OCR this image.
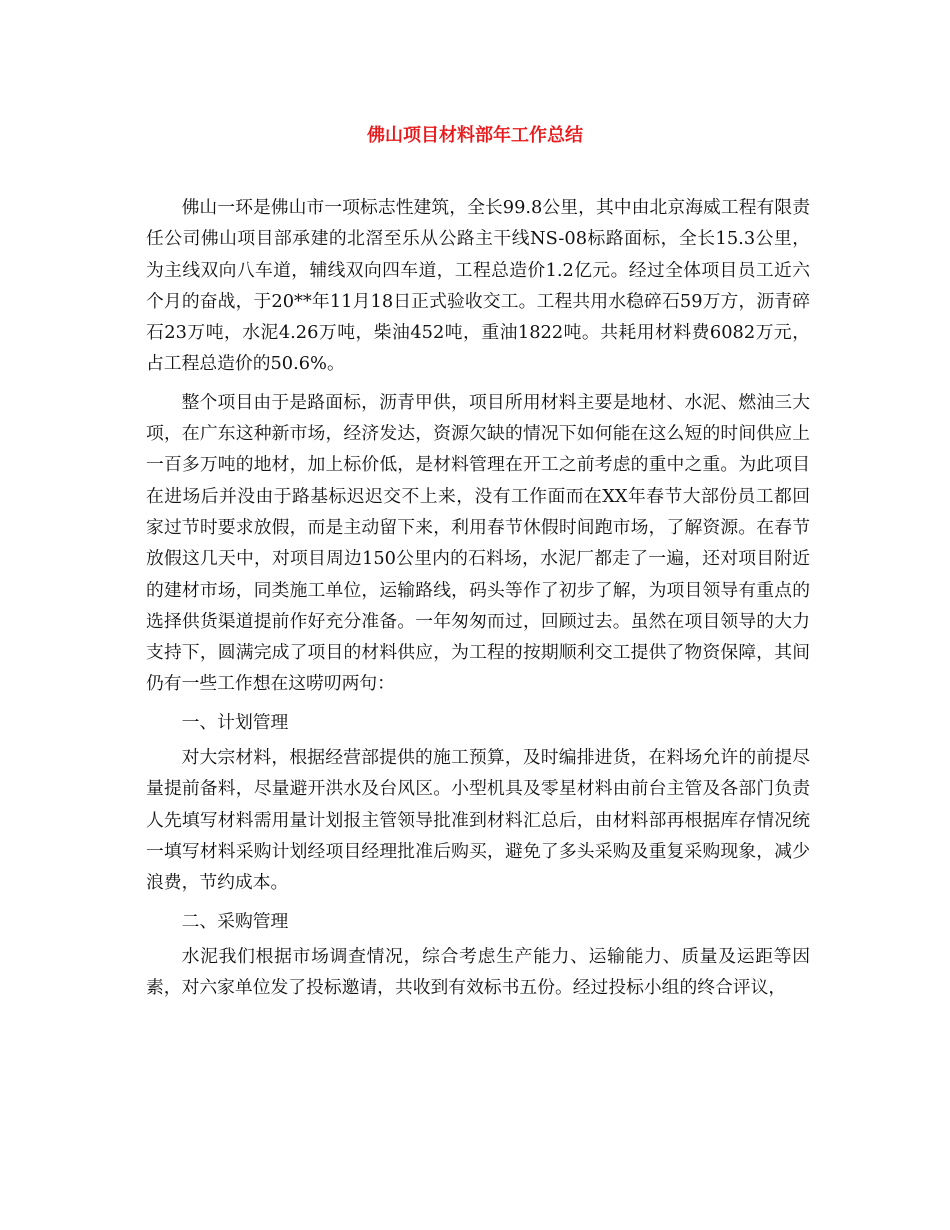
佛山项目材料部年工作总结

佛山一环是佛山市一项标志性建筑，全长99.8公里，其中由北京海威工程有限责任公司佛山项目部承建的北滘至乐从公路主干线NS-08标路面标，全长15.3公里，为主线双向八车道，辅线双向四车道，工程总造价1.2亿元。经过全体项目员工近六个月的奋战，于20**年11月18日正式验收交工。工程共用水稳碎石59万方，沥青碎石23万吨，水泥4.26万吨，柴油452吨，重油1822吨。共耗用材料费6082万元，占工程总造价的50.6%。

整个项目由于是路面标，沥青甲供，项目所用材料主要是地材、水泥、燃油三大项，在广东这种新市场，经济发达，资源欠缺的情况下如何能在这么短的时间供应上一百多万吨的地材，加上标价低，是材料管理在开工之前考虑的重中之重。为此项目在进场后并没由于路基标迟迟交不上来，没有工作面而在XX年春节大部份员工都回家过节时要求放假，而是主动留下来，利用春节休假时间跑市场，了解资源。在春节放假这几天中，对项目周边150公里内的石料场，水泥厂都走了一遍，还对项目附近的建材市场，同类施工单位，运输路线，码头等作了初步了解，为项目领导有重点的选择供货渠道提前作好充分准备。一年匆匆而过，回顾过去。虽然在项目领导的大力支持下，圆满完成了项目的材料供应，为工程的按期顺利交工提供了物资保障，其间仍有一些工作想在这唠叨两句：

一、计划管理

对大宗材料，根据经营部提供的施工预算，及时编排进货，在料场允许的前提尽量提前备料，尽量避开洪水及台风区。小型机具及零星材料由前台主管及各部门负责人先填写材料需用量计划报主管领导批准到材料汇总后，由材料部再根据库存情况统一填写材料采购计划经项目经理批准后购买，避免了多头采购及重复采购现象，减少浪费，节约成本。

二、采购管理

水泥我们根据市场调查情况，综合考虑生产能力、运输能力、质量及运距等因素，对六家单位发了投标邀请，共收到有效标书五份。经过投标小组的终合评议，
